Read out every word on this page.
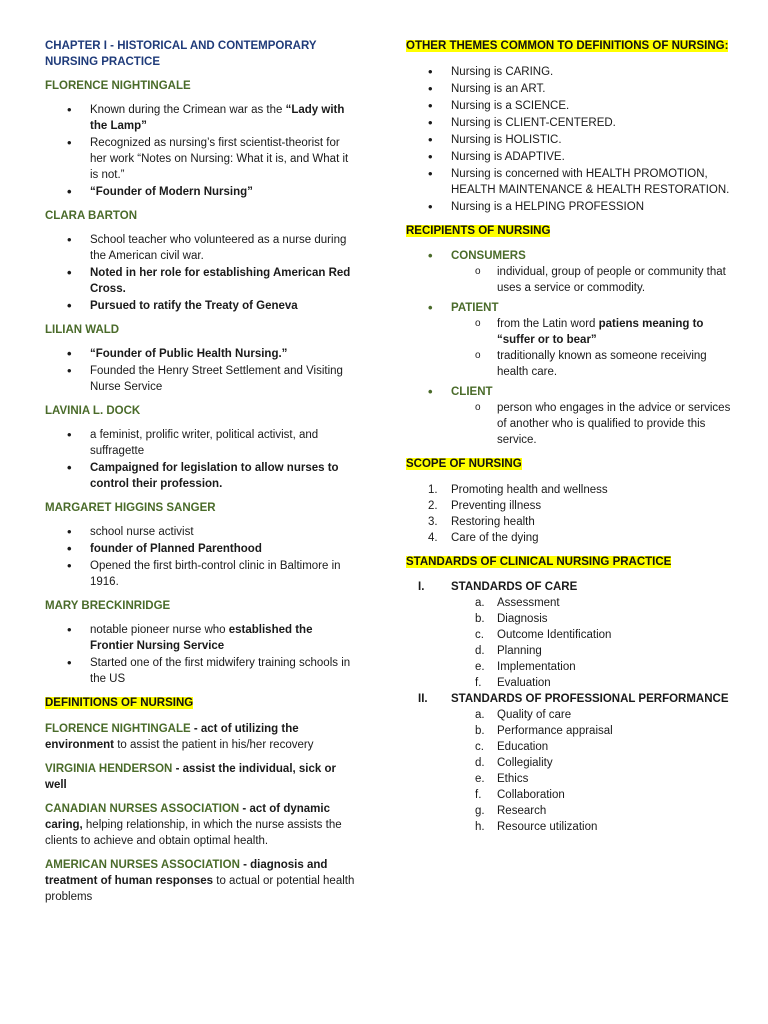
CHAPTER I - HISTORICAL AND CONTEMPORARY NURSING PRACTICE
FLORENCE NIGHTINGALE
• Known during the Crimean war as the “Lady with the Lamp”
• Recognized as nursing’s first scientist-theorist for her work “Notes on Nursing: What it is, and What it is not.”
• “Founder of Modern Nursing”
CLARA BARTON
• School teacher who volunteered as a nurse during the American civil war.
• Noted in her role for establishing American Red Cross.
• Pursued to ratify the Treaty of Geneva
LILIAN WALD
• “Founder of Public Health Nursing.”
• Founded the Henry Street Settlement and Visiting Nurse Service
LAVINIA L. DOCK
• a feminist, prolific writer, political activist, and suffragette
• Campaigned for legislation to allow nurses to control their profession.
MARGARET HIGGINS SANGER
• school nurse activist
• founder of Planned Parenthood
• Opened the first birth-control clinic in Baltimore in 1916.
MARY BRECKINRIDGE
• notable pioneer nurse who established the Frontier Nursing Service
• Started one of the first midwifery training schools in the US
DEFINITIONS OF NURSING

FLORENCE NIGHTINGALE - act of utilizing the environment to assist the patient in his/her recovery

VIRGINIA HENDERSON - assist the individual, sick or well

CANADIAN NURSES ASSOCIATION - act of dynamic caring, helping relationship, in which the nurse assists the clients to achieve and obtain optimal health.

AMERICAN NURSES ASSOCIATION - diagnosis and treatment of human responses to actual or potential health problems

OTHER THEMES COMMON TO DEFINITIONS OF NURSING:
• Nursing is CARING.
• Nursing is an ART.
• Nursing is a SCIENCE.
• Nursing is CLIENT-CENTERED.
• Nursing is HOLISTIC.
• Nursing is ADAPTIVE.
• Nursing is concerned with HEALTH PROMOTION, HEALTH MAINTENANCE & HEALTH RESTORATION.
• Nursing is a HELPING PROFESSION
RECIPIENTS OF NURSING
• CONSUMERS
o individual, group of people or community that uses a service or commodity.
• PATIENT
o from the Latin word patiens meaning to “suffer or to bear”
o traditionally known as someone receiving health care.
• CLIENT
o person who engages in the advice or services of another who is qualified to provide this service.
SCOPE OF NURSING
1. Promoting health and wellness
2. Preventing illness
3. Restoring health
4. Care of the dying
STANDARDS OF CLINICAL NURSING PRACTICE
I. STANDARDS OF CARE
a. Assessment
b. Diagnosis
c. Outcome Identification
d. Planning
e. Implementation
f. Evaluation
II. STANDARDS OF PROFESSIONAL PERFORMANCE
a. Quality of care
b. Performance appraisal
c. Education
d. Collegiality
e. Ethics
f. Collaboration
g. Research
h. Resource utilization
